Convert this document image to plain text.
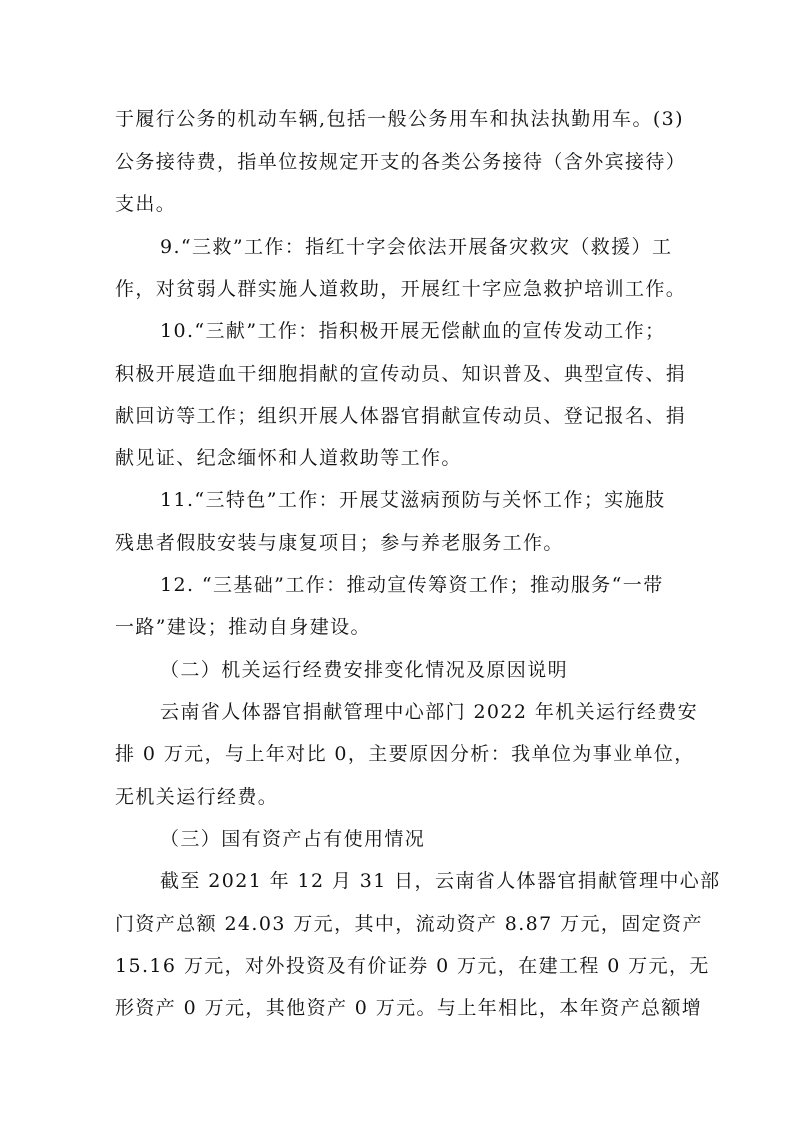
于履行公务的机动车辆,包括一般公务用车和执法执勤用车。(3)
公务接待费，指单位按规定开支的各类公务接待（含外宾接待）
支出。
9.“三救”工作：指红十字会依法开展备灾救灾（救援）工
作，对贫弱人群实施人道救助，开展红十字应急救护培训工作。
10.“三献”工作：指积极开展无偿献血的宣传发动工作；
积极开展造血干细胞捐献的宣传动员、知识普及、典型宣传、捐
献回访等工作；组织开展人体器官捐献宣传动员、登记报名、捐
献见证、纪念缅怀和人道救助等工作。
11.“三特色”工作：开展艾滋病预防与关怀工作；实施肢
残患者假肢安装与康复项目；参与养老服务工作。
12. “三基础”工作：推动宣传筹资工作；推动服务“一带
一路”建设；推动自身建设。
（二）机关运行经费安排变化情况及原因说明
云南省人体器官捐献管理中心部门 2022 年机关运行经费安
排 0 万元，与上年对比 0，主要原因分析：我单位为事业单位，
无机关运行经费。
（三）国有资产占有使用情况
截至 2021 年 12 月 31 日，云南省人体器官捐献管理中心部
门资产总额 24.03 万元，其中，流动资产 8.87 万元，固定资产
15.16 万元，对外投资及有价证券 0 万元，在建工程 0 万元，无
形资产 0 万元，其他资产 0 万元。与上年相比，本年资产总额增
